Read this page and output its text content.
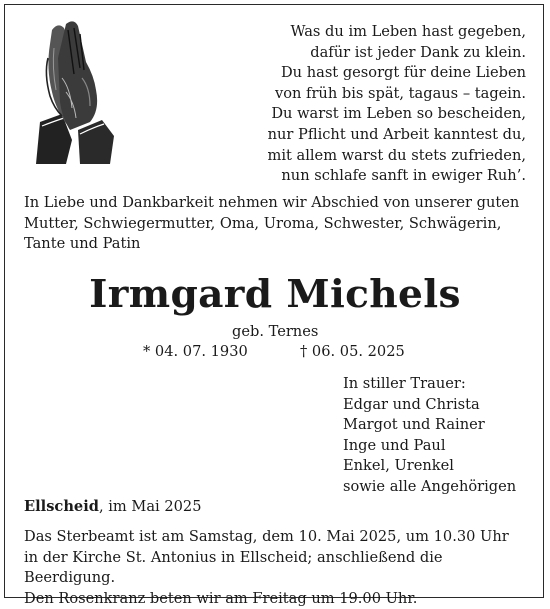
Was du im Leben hast gegeben,
dafür ist jeder Dank zu klein.
Du hast gesorgt für deine Lieben
von früh bis spät, tagaus – tagein.
Du warst im Leben so bescheiden,
nur Pflicht und Arbeit kanntest du,
mit allem warst du stets zufrieden,
nun schlafe sanft in ewiger Ruh’.
In Liebe und Dankbarkeit nehmen wir Abschied von unserer guten
Mutter, Schwiegermutter, Oma, Uroma, Schwester, Schwägerin,
Tante und Patin
Irmgard Michels
geb. Ternes
* 04. 07. 1930	† 06. 05. 2025
In stiller Trauer:
Edgar und Christa
Margot und Rainer
Inge und Paul
Enkel, Urenkel
sowie alle Angehörigen
Ellscheid, im Mai 2025
Das Sterbeamt ist am Samstag, dem 10. Mai 2025, um 10.30 Uhr
in der Kirche St. Antonius in Ellscheid; anschließend die Beerdigung.
Den Rosenkranz beten wir am Freitag um 19.00 Uhr.
